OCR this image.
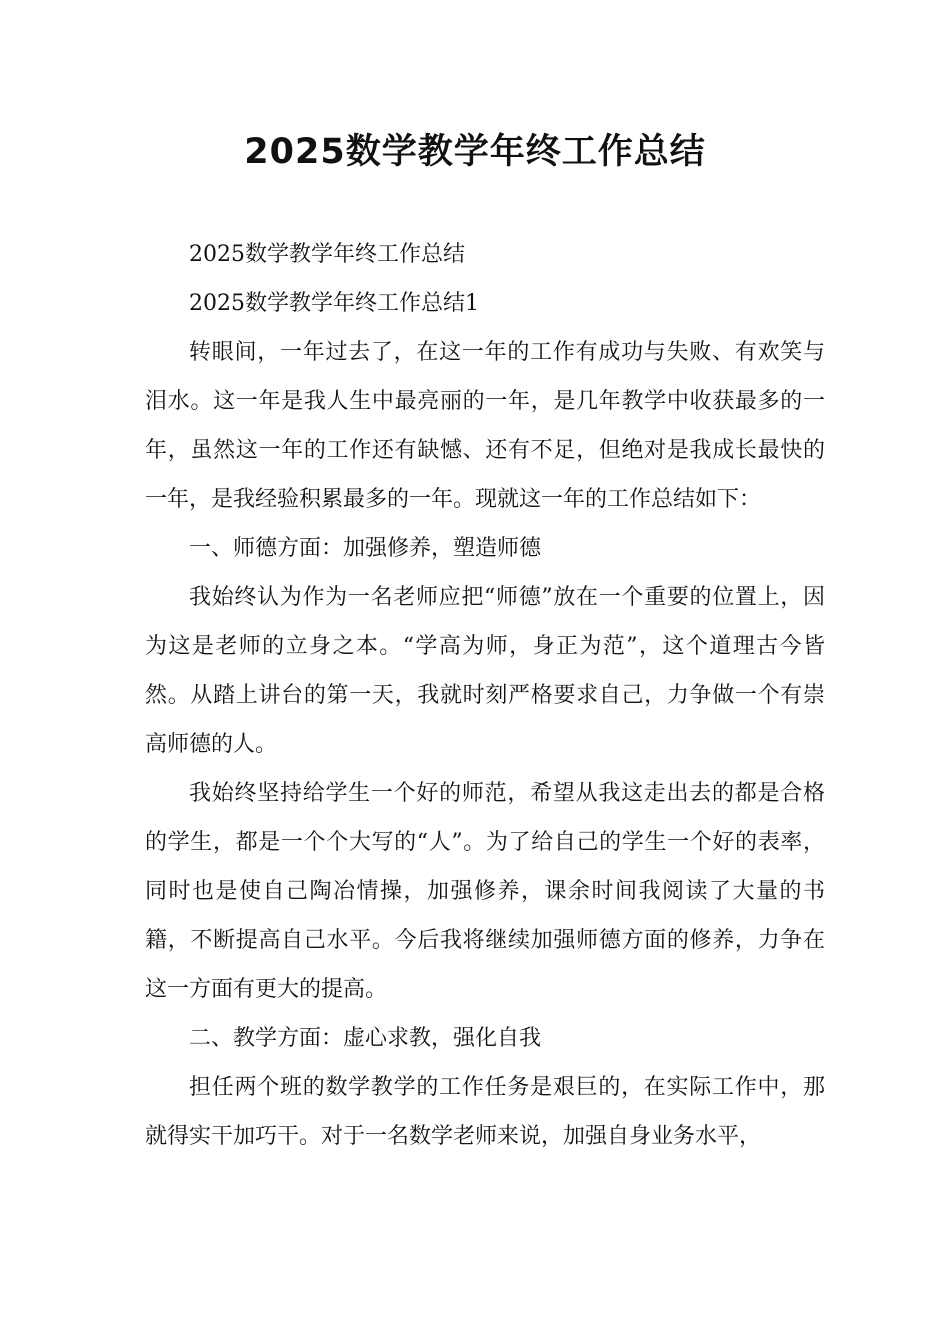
2025数学教学年终工作总结

2025数学教学年终工作总结

2025数学教学年终工作总结1

转眼间，一年过去了，在这一年的工作有成功与失败、有欢笑与泪水。这一年是我人生中最亮丽的一年，是几年教学中收获最多的一年，虽然这一年的工作还有缺憾、还有不足，但绝对是我成长最快的一年，是我经验积累最多的一年。现就这一年的工作总结如下：

一、师德方面：加强修养，塑造师德

我始终认为作为一名老师应把“师德”放在一个重要的位置上，因为这是老师的立身之本。“学高为师，身正为范”，这个道理古今皆然。从踏上讲台的第一天，我就时刻严格要求自己，力争做一个有崇高师德的人。

我始终坚持给学生一个好的师范，希望从我这走出去的都是合格的学生，都是一个个大写的“人”。为了给自己的学生一个好的表率，同时也是使自己陶冶情操，加强修养，课余时间我阅读了大量的书籍，不断提高自己水平。今后我将继续加强师德方面的修养，力争在这一方面有更大的提高。

二、教学方面：虚心求教，强化自我

担任两个班的数学教学的工作任务是艰巨的，在实际工作中，那就得实干加巧干。对于一名数学老师来说，加强自身业务水平，
